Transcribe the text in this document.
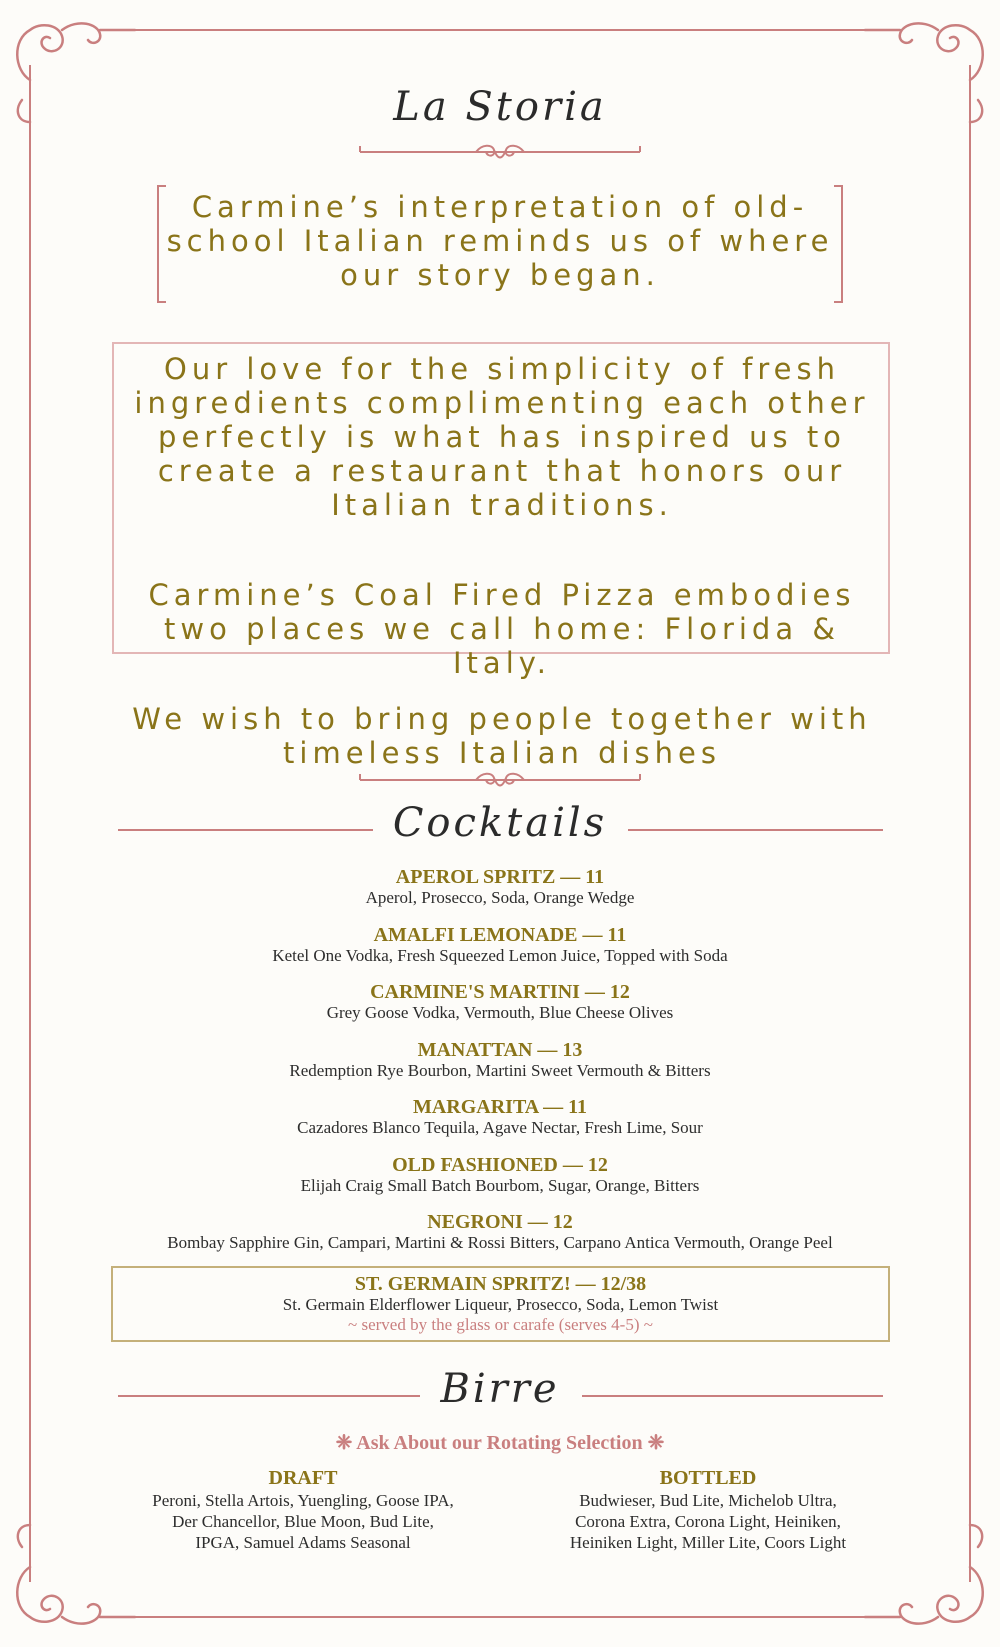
La Storia
Carmine’s interpretation of old-school Italian reminds us of where our story began.
Our love for the simplicity of fresh ingredients complimenting each other perfectly is what has inspired us to create a restaurant that honors our Italian traditions.
Carmine’s Coal Fired Pizza embodies two places we call home: Florida & Italy.
We wish to bring people together with timeless Italian dishes
Cocktails
APEROL SPRITZ — 11
Aperol, Prosecco, Soda, Orange Wedge
AMALFI LEMONADE — 11
Ketel One Vodka, Fresh Squeezed Lemon Juice, Topped with Soda
CARMINE'S MARTINI — 12
Grey Goose Vodka, Vermouth, Blue Cheese Olives
MANATTAN — 13
Redemption Rye Bourbon, Martini Sweet Vermouth & Bitters
MARGARITA — 11
Cazadores Blanco Tequila, Agave Nectar, Fresh Lime, Sour
OLD FASHIONED — 12
Elijah Craig Small Batch Bourbom, Sugar, Orange, Bitters
NEGRONI — 12
Bombay Sapphire Gin, Campari, Martini & Rossi Bitters, Carpano Antica Vermouth, Orange Peel
ST. GERMAIN SPRITZ! — 12/38
St. Germain Elderflower Liqueur, Prosecco, Soda, Lemon Twist
~ served by the glass or carafe (serves 4-5) ~
Birre
❈ Ask About our Rotating Selection ❈
DRAFT
Peroni, Stella Artois, Yuengling, Goose IPA,
Der Chancellor, Blue Moon, Bud Lite,
IPGA, Samuel Adams Seasonal
BOTTLED
Budwieser, Bud Lite, Michelob Ultra,
Corona Extra, Corona Light, Heiniken,
Heiniken Light, Miller Lite, Coors Light
